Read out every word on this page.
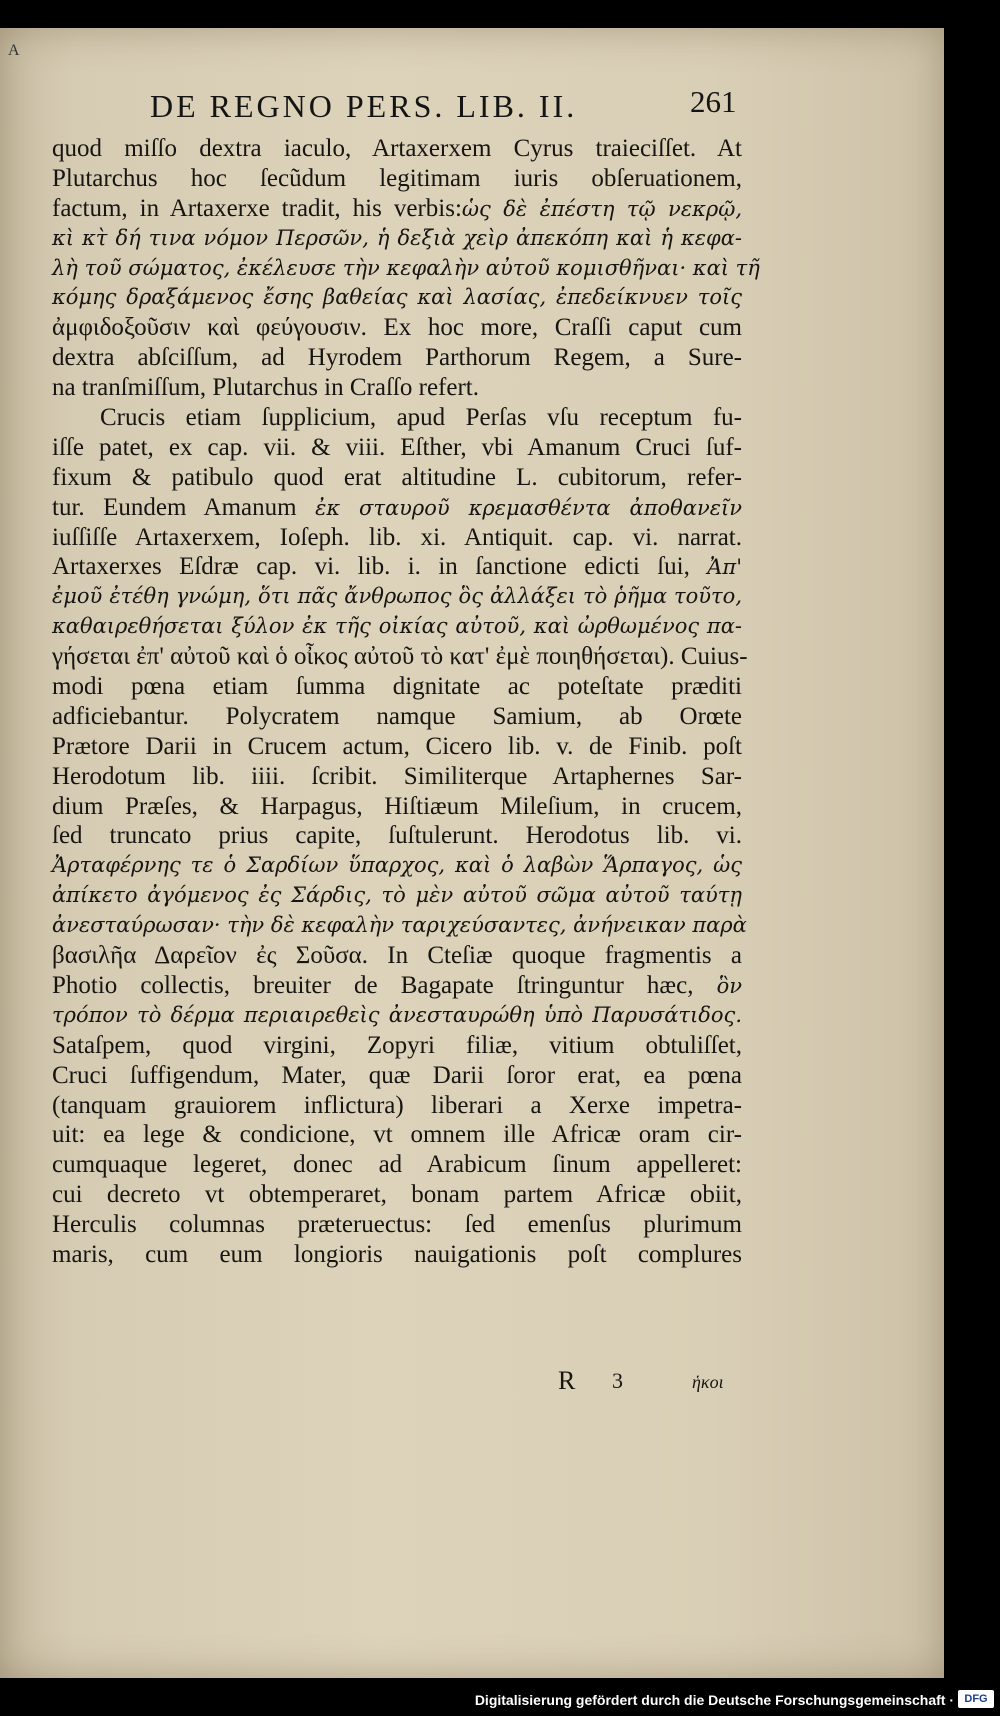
A
DE REGNO PERS. LIB. II.	261
quod miſſo dextra iaculo, Artaxerxem Cyrus traieciſſet. At
Plutarchus hoc ſecũdum legitimam iuris obſeruationem,
factum, in Artaxerxe tradit, his verbis:ὡς δὲ ἐπέστη τῷ νεκρῷ,
κὶ κτ̀ δή τινα νόμον Περσῶν, ἡ δεξιὰ χεὶρ ἀπεκόπη καὶ ἡ κεφα-
λὴ τοῦ σώματος, ἐκέλευσε τὴν κεφαλὴν αὐτοῦ κομισθῆναι· καὶ τῆ
κόμης δραξάμενος ἔσης βαθείας καὶ λασίας, ἐπεδείκνυεν τοῖς
ἀμφιδοξοῦσιν καὶ φεύγουσιν. Ex hoc more, Craſſi caput cum
dextra abſciſſum, ad Hyrodem Parthorum Regem, a Sure-
na tranſmiſſum, Plutarchus in Craſſo refert.
Crucis etiam ſupplicium, apud Perſas vſu receptum fu-
iſſe patet, ex cap. vii. & viii. Eſther, vbi Amanum Cruci ſuf-
fixum & patibulo quod erat altitudine L. cubitorum, refer-
tur. Eundem Amanum ἐκ σταυροῦ κρεμασθέντα ἀποθανεῖν
iuſſiſſe Artaxerxem, Ioſeph. lib. xi. Antiquit. cap. vi. narrat.
Artaxerxes Eſdræ cap. vi. lib. i. in ſanctione edicti ſui, Ἀπ'
ἐμοῦ ἐτέθη γνώμη, ὅτι πᾶς ἄνθρωπος ὃς ἀλλάξει τὸ ῥῆμα τοῦτο,
καθαιρεθήσεται ξύλον ἐκ τῆς οἰκίας αὐτοῦ, καὶ ὠρθωμένος πα-
γήσεται ἐπ' αὐτοῦ καὶ ὁ οἶκος αὐτοῦ τὸ κατ' ἐμὲ ποιηθήσεται). Cuius-
modi pœna etiam ſumma dignitate ac poteſtate præditi
adficiebantur. Polycratem namque Samium, ab Orœte
Prætore Darii in Crucem actum, Cicero lib. v. de Finib. poſt
Herodotum lib. iiii. ſcribit. Similiterque Artaphernes Sar-
dium Præſes, & Harpagus, Hiſtiæum Mileſium, in crucem,
ſed truncato prius capite, ſuſtulerunt. Herodotus lib. vi.
Ἀρταφέρνης τε ὁ Σαρδίων ὕπαρχος, καὶ ὁ λαβὼν Ἅρπαγος, ὡς
ἀπίκετο ἀγόμενος ἐς Σάρδις, τὸ μὲν αὐτοῦ σῶμα αὐτοῦ ταύτῃ
ἀνεσταύρωσαν· τὴν δὲ κεφαλὴν ταριχεύσαντες, ἀνήνεικαν παρὰ
βασιλῆα Δαρεῖον ἐς Σοῦσα. In Cteſiæ quoque fragmentis a
Photio collectis, breuiter de Bagapate ſtringuntur hæc, ὃν
τρόπον τὸ δέρμα περιαιρεθεὶς ἀνεσταυρώθη ὑπὸ Παρυσάτιδος.
Sataſpem, quod virgini, Zopyri filiæ, vitium obtuliſſet,
Cruci ſuffigendum, Mater, quæ Darii ſoror erat, ea pœna
(tanquam grauiorem inflictura) liberari a Xerxe impetra-
uit: ea lege & condicione, vt omnem ille Africæ oram cir-
cumquaque legeret, donec ad Arabicum ſinum appelleret:
cui decreto vt obtemperaret, bonam partem Africæ obiit,
Herculis columnas præteruectus: ſed emenſus plurimum
maris, cum eum longioris nauigationis poſt complures
R 3	ἡκοι
Digitalisierung gefördert durch die Deutsche Forschungsgemeinschaft · DFG
